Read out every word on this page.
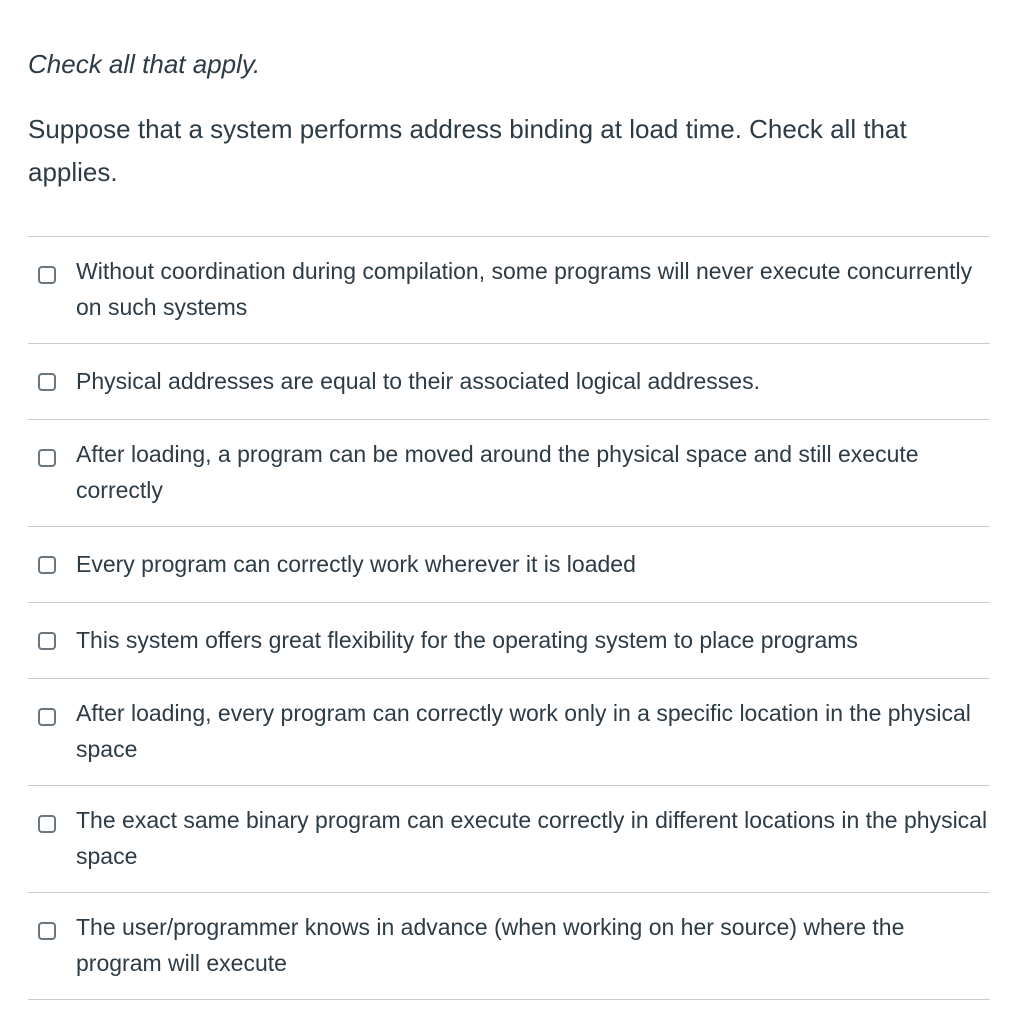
Check all that apply.

Suppose that a system performs address binding at load time. Check all that applies.

Without coordination during compilation, some programs will never execute concurrently on such systems
Physical addresses are equal to their associated logical addresses.
After loading, a program can be moved around the physical space and still execute correctly
Every program can correctly work wherever it is loaded
This system offers great flexibility for the operating system to place programs
After loading, every program can correctly work only in a specific location in the physical space
The exact same binary program can execute correctly in different locations in the physical space
The user/programmer knows in advance (when working on her source) where the program will execute
